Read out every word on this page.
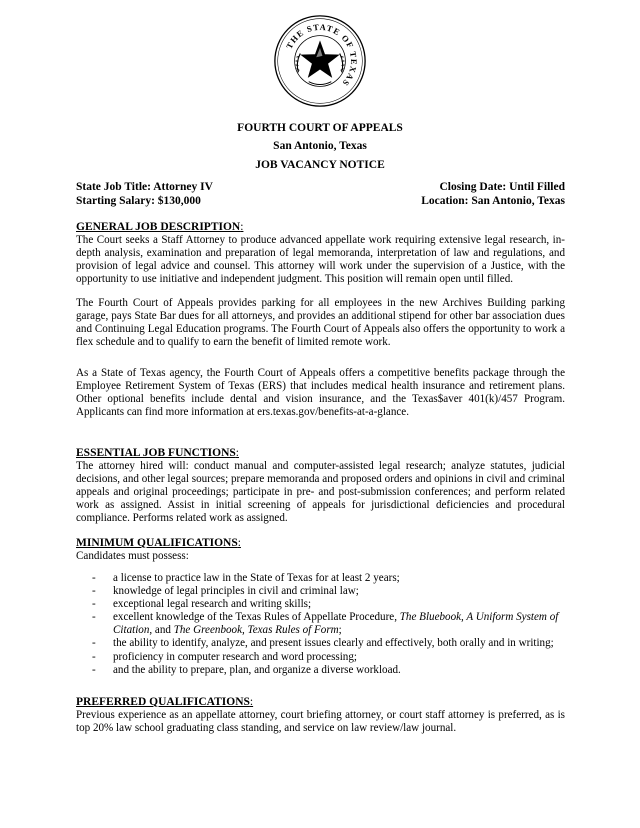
THE STATE OF TEXAS
FOURTH COURT OF APPEALS
San Antonio, Texas
JOB VACANCY NOTICE
State Job Title: Attorney IV	Closing Date: Until Filled
Starting Salary: $130,000	Location: San Antonio, Texas
GENERAL JOB DESCRIPTION:
The Court seeks a Staff Attorney to produce advanced appellate work requiring extensive legal research, in-depth analysis, examination and preparation of legal memoranda, interpretation of law and regulations, and provision of legal advice and counsel. This attorney will work under the supervision of a Justice, with the opportunity to use initiative and independent judgment. This position will remain open until filled.
The Fourth Court of Appeals provides parking for all employees in the new Archives Building parking garage, pays State Bar dues for all attorneys, and provides an additional stipend for other bar association dues and Continuing Legal Education programs. The Fourth Court of Appeals also offers the opportunity to work a flex schedule and to qualify to earn the benefit of limited remote work.
As a State of Texas agency, the Fourth Court of Appeals offers a competitive benefits package through the Employee Retirement System of Texas (ERS) that includes medical health insurance and retirement plans. Other optional benefits include dental and vision insurance, and the Texas$aver 401(k)/457 Program. Applicants can find more information at ers.texas.gov/benefits-at-a-glance.
ESSENTIAL JOB FUNCTIONS:
The attorney hired will: conduct manual and computer-assisted legal research; analyze statutes, judicial decisions, and other legal sources; prepare memoranda and proposed orders and opinions in civil and criminal appeals and original proceedings; participate in pre- and post-submission conferences; and perform related work as assigned. Assist in initial screening of appeals for jurisdictional deficiencies and procedural compliance. Performs related work as assigned.
MINIMUM QUALIFICATIONS:
Candidates must possess:
- a license to practice law in the State of Texas for at least 2 years;
- knowledge of legal principles in civil and criminal law;
- exceptional legal research and writing skills;
- excellent knowledge of the Texas Rules of Appellate Procedure, The Bluebook, A Uniform System of Citation, and The Greenbook, Texas Rules of Form;
- the ability to identify, analyze, and present issues clearly and effectively, both orally and in writing;
- proficiency in computer research and word processing;
- and the ability to prepare, plan, and organize a diverse workload.
PREFERRED QUALIFICATIONS:
Previous experience as an appellate attorney, court briefing attorney, or court staff attorney is preferred, as is top 20% law school graduating class standing, and service on law review/law journal.
